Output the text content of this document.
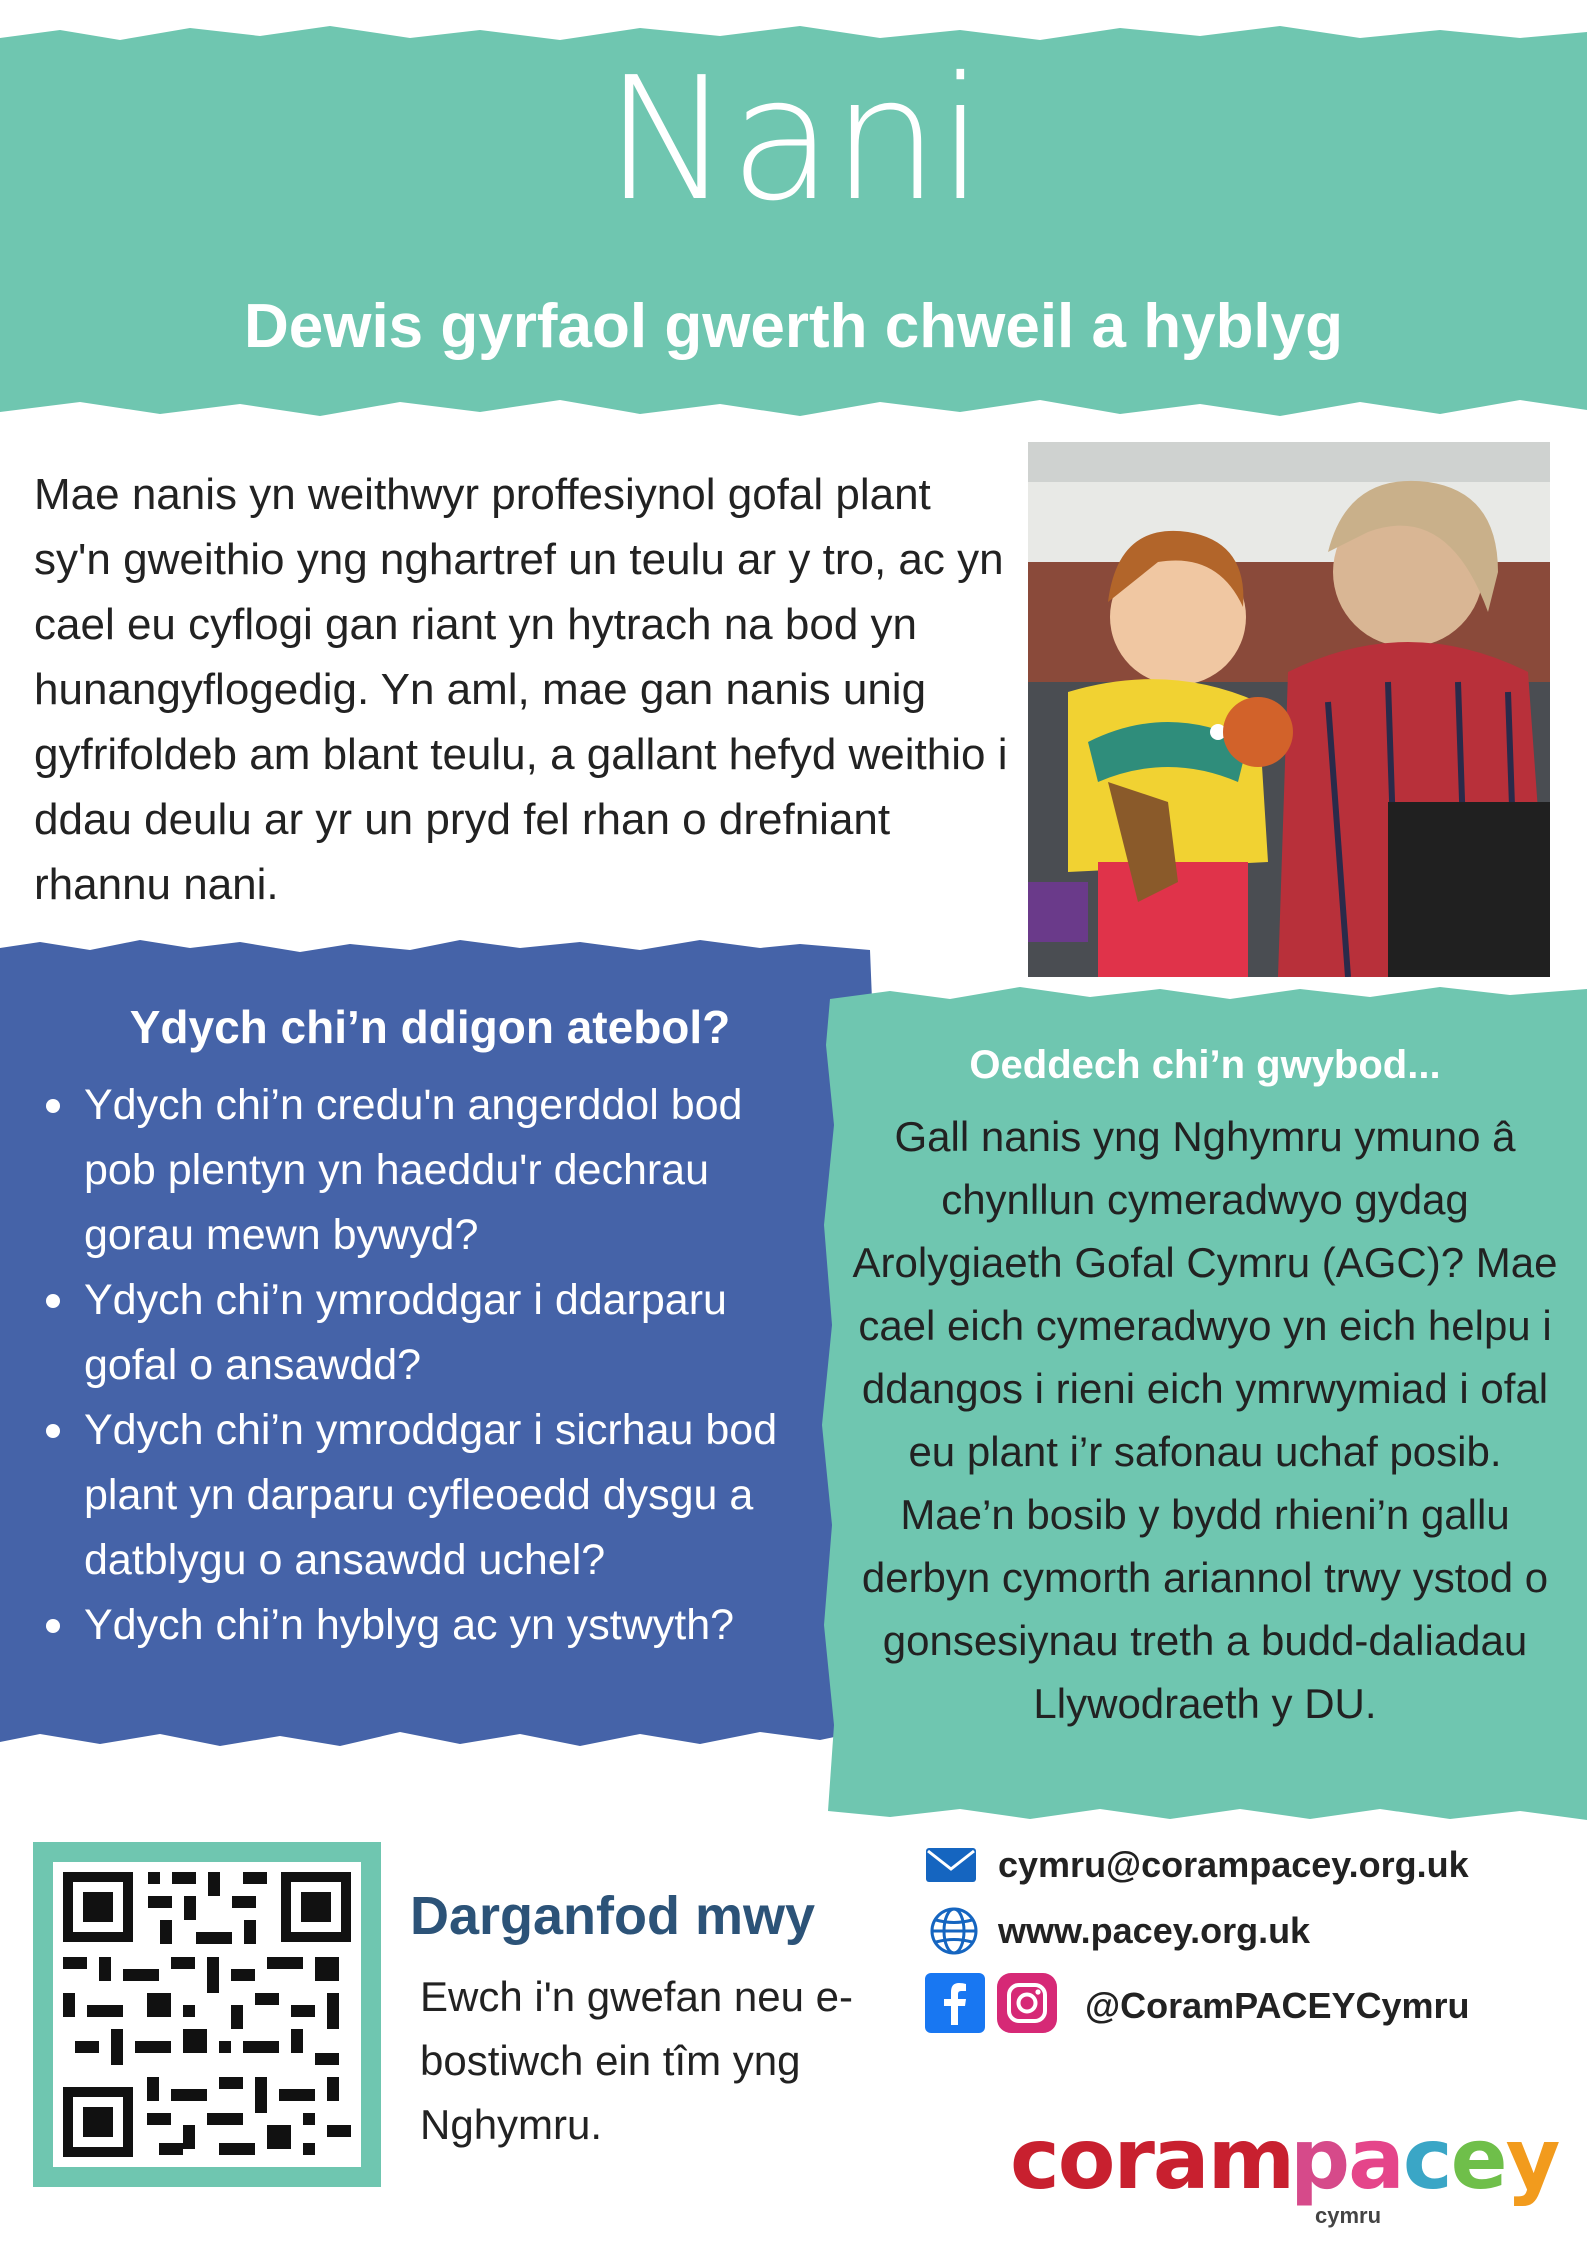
Nani
Dewis gyrfaol gwerth chweil a hyblyg
Mae nanis yn weithwyr proffesiynol gofal plant sy'n gweithio yng nghartref un teulu ar y tro, ac yn cael eu cyflogi gan riant yn hytrach na bod yn hunangyflogedig. Yn aml, mae gan nanis unig gyfrifoldeb am blant teulu, a gallant hefyd weithio i ddau deulu ar yr un pryd fel rhan o drefniant rhannu nani.
Ydych chi’n ddigon atebol?
Ydych chi’n credu'n angerddol bod pob plentyn yn haeddu'r dechrau gorau mewn bywyd?
Ydych chi’n ymroddgar i ddarparu gofal o ansawdd?
Ydych chi’n ymroddgar i sicrhau bod plant yn darparu cyfleoedd dysgu a datblygu o ansawdd uchel?
Ydych chi’n hyblyg ac yn ystwyth?
Oeddech chi’n gwybod...
Gall nanis yng Nghymru ymuno â chynllun cymeradwyo gydag Arolygiaeth Gofal Cymru (AGC)? Mae cael eich cymeradwyo yn eich helpu i ddangos i rieni eich ymrwymiad i ofal eu plant i’r safonau uchaf posib. Mae’n bosib y bydd rhieni’n gallu derbyn cymorth ariannol trwy ystod o gonsesiynau treth a budd-daliadau Llywodraeth y DU.
Darganfod mwy
Ewch i'n gwefan neu e-bostiwch ein tîm yng Nghymru.
cymru@corampacey.org.uk
www.pacey.org.uk
@CoramPACEYCymru
coram
pacey
cymru
